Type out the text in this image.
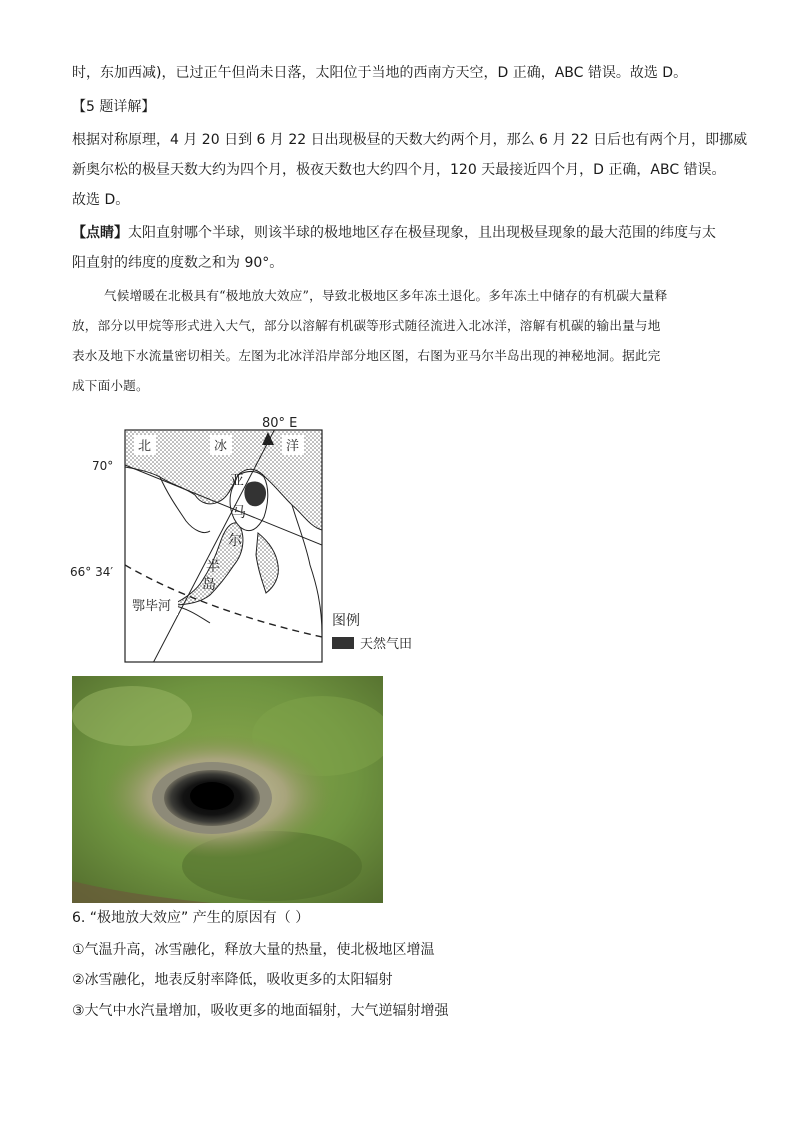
时，东加西减)，已过正午但尚未日落，太阳位于当地的西南方天空，D 正确，ABC 错误。故选 D。
【5 题详解】
根据对称原理，4 月 20 日到 6 月 22 日出现极昼的天数大约两个月，那么 6 月 22 日后也有两个月，即挪威
新奥尔松的极昼天数大约为四个月，极夜天数也大约四个月，120 天最接近四个月，D 正确，ABC 错误。
故选 D。
【点睛】太阳直射哪个半球，则该半球的极地地区存在极昼现象，且出现极昼现象的最大范围的纬度与太
阳直射的纬度的度数之和为 90°。
气候增暖在北极具有“极地放大效应”，导致北极地区多年冻土退化。多年冻土中储存的有机碳大量释
放，部分以甲烷等形式进入大气，部分以溶解有机碳等形式随径流进入北冰洋，溶解有机碳的输出量与地
表水及地下水流量密切相关。左图为北冰洋沿岸部分地区图，右图为亚马尔半岛出现的神秘地洞。据此完
成下面小题。
80° E
70°
66° 34′
北	冰	洋
亚
马
尔
半
岛
鄂毕河
图例
天然气田
6. “极地放大效应” 产生的原因有（ ）
①气温升高，冰雪融化，释放大量的热量，使北极地区增温
②冰雪融化，地表反射率降低，吸收更多的太阳辐射
③大气中水汽量增加，吸收更多的地面辐射，大气逆辐射增强
